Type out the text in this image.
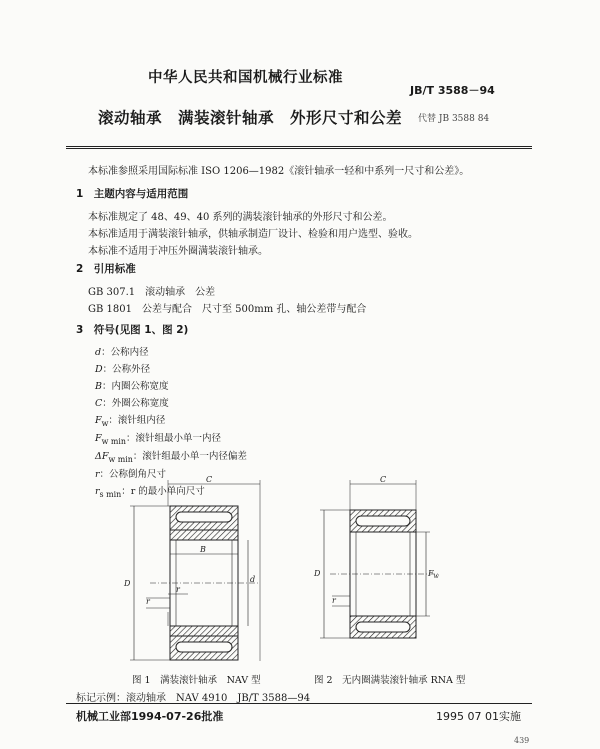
中华人民共和国机械行业标准
JB/T 3588－94
滚动轴承　满装滚针轴承　外形尺寸和公差 代替 JB 3588 84
本标准参照采用国际标准 ISO 1206—1982《滚针轴承一轻和中系列一尺寸和公差》。
1　主题内容与适用范围
本标准规定了 48、49、40 系列的满装滚针轴承的外形尺寸和公差。
本标准适用于满装滚针轴承，供轴承制造厂设计、检验和用户选型、验收。
本标准不适用于冲压外圈满装滚针轴承。
2　引用标准
GB 307.1　滚动轴承　公差
GB 1801　公差与配合　尺寸至 500mm 孔、轴公差带与配合
3　符号(见图 1、图 2)
d：公称内径
D：公称外径
B：内圈公称宽度
C：外圈公称宽度
$F_w$：滚针组内径
$F_{w min}$：滚针组最小单一内径
$\Delta F_{w min}$：滚针组最小单一内径偏差
r：公称倒角尺寸
$r_{s min}$：r 的最小单向尺寸
C
B
D	d
r
r
C
D	$F_w$
r
图 1　满装滚针轴承　NAV 型	图 2　无内圈满装滚针轴承 RNA 型
标记示例：滚动轴承　NAV 4910　JB/T 3588—94
机械工业部1994-07-26批准	1995 07 01实施
439
